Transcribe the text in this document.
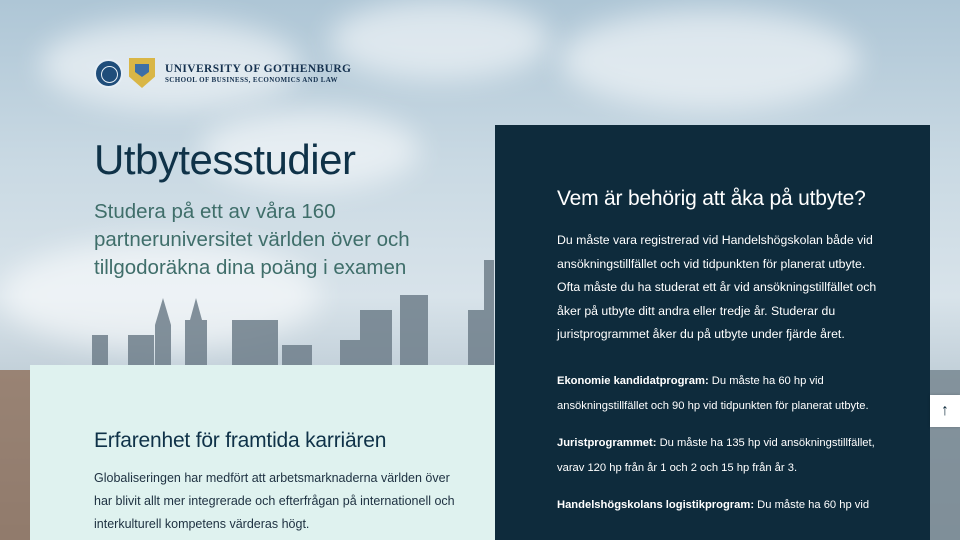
UNIVERSITY OF GOTHENBURG
SCHOOL OF BUSINESS, ECONOMICS AND LAW
Utbytesstudier

Studera på ett av våra 160 partneruniversitet världen över och tillgodoräkna dina poäng i examen

Vem är behörig att åka på utbyte?

Du måste vara registrerad vid Handelshögskolan både vid ansökningstillfället och vid tidpunkten för planerat utbyte. Ofta måste du ha studerat ett år vid ansökningstillfället och åker på utbyte ditt andra eller tredje år. Studerar du juristprogrammet åker du på utbyte under fjärde året.

Ekonomie kandidatprogram: Du måste ha 60 hp vid ansökningstillfället och 90 hp vid tidpunkten för planerat utbyte.

Juristprogrammet: Du måste ha 135 hp vid ansökningstillfället, varav 120 hp från år 1 och 2 och 15 hp från år 3.

Handelshögskolans logistikprogram: Du måste ha 60 hp vid

Erfarenhet för framtida karriären

Globaliseringen har medfört att arbetsmarknaderna världen över har blivit allt mer integrerade och efterfrågan på internationell och interkulturell kompetens värderas högt.

↑
